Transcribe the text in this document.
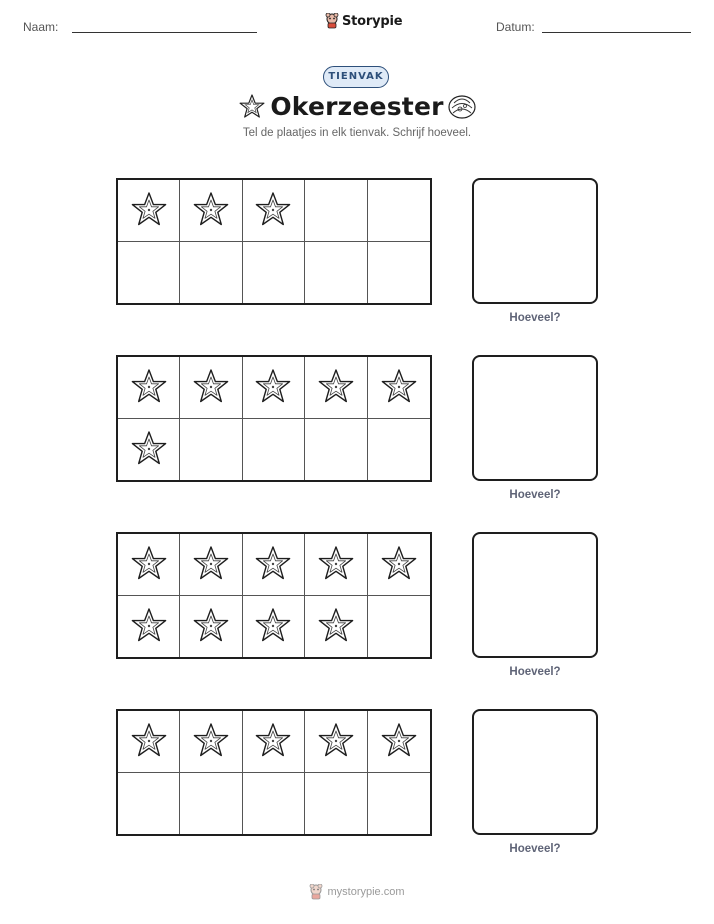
Naam:	Storypie	Datum:
TIENVAK
Okerzeester
Tel de plaatjes in elk tienvak. Schrijf hoeveel.
Hoeveel?
Hoeveel?
Hoeveel?
Hoeveel?
mystorypie.com
